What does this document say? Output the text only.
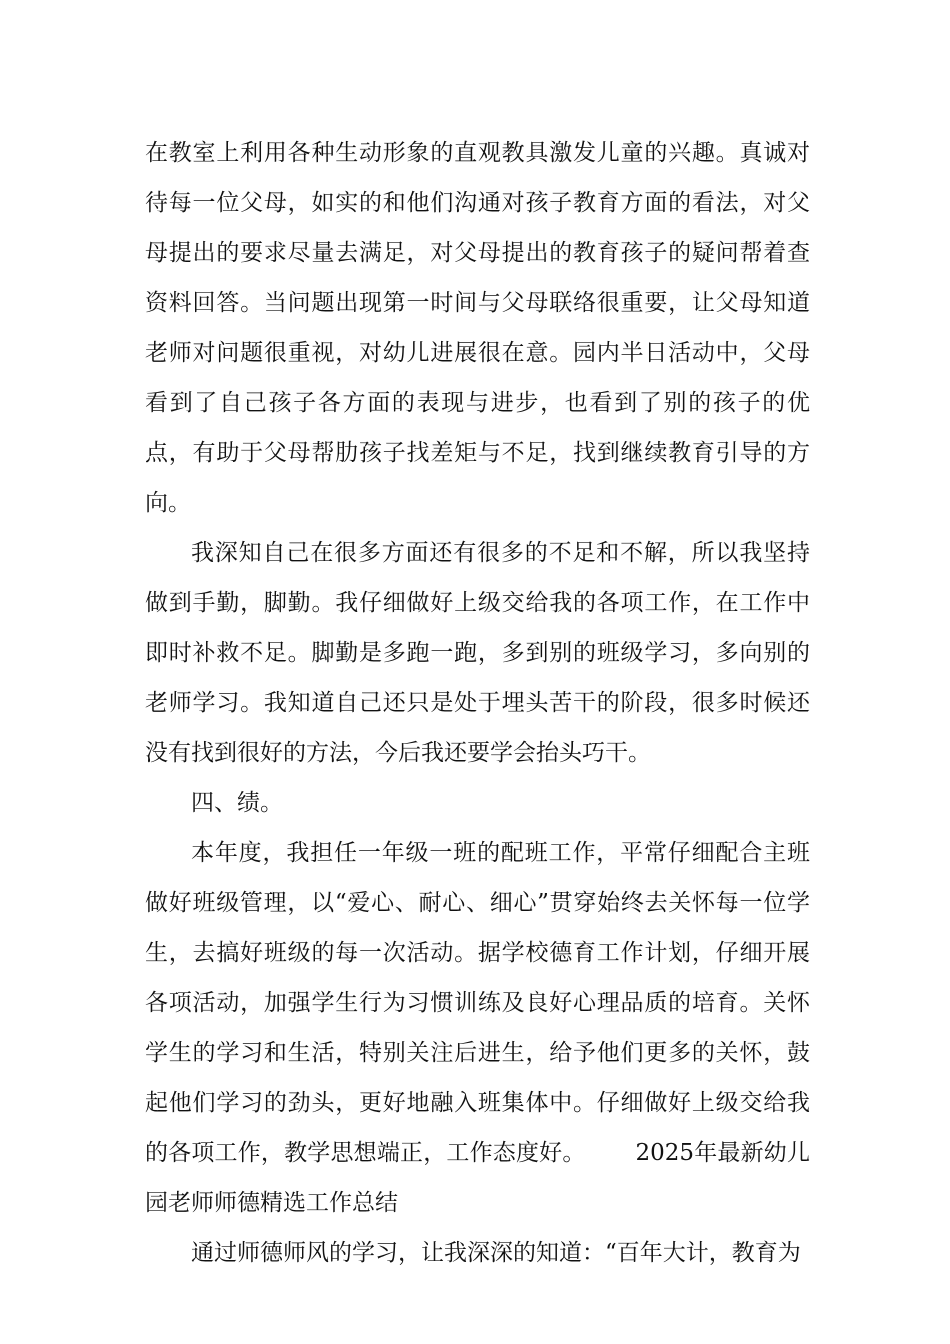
在教室上利用各种生动形象的直观教具激发儿童的兴趣。真诚对待每一位父母，如实的和他们沟通对孩子教育方面的看法，对父母提出的要求尽量去满足，对父母提出的教育孩子的疑问帮着查资料回答。当问题出现第一时间与父母联络很重要，让父母知道老师对问题很重视，对幼儿进展很在意。园内半日活动中，父母看到了自己孩子各方面的表现与进步，也看到了别的孩子的优点，有助于父母帮肋孩子找差矩与不足，找到继续教育引导的方向。

我深知自己在很多方面还有很多的不足和不解，所以我坚持做到手勤，脚勤。我仔细做好上级交给我的各项工作，在工作中即时补救不足。脚勤是多跑一跑，多到别的班级学习，多向别的老师学习。我知道自己还只是处于埋头苦干的阶段，很多时候还没有找到很好的方法，今后我还要学会抬头巧干。

四、绩。

本年度，我担任一年级一班的配班工作，平常仔细配合主班做好班级管理，以“爱心、耐心、细心”贯穿始终去关怀每一位学生，去搞好班级的每一次活动。据学校德育工作计划，仔细开展各项活动，加强学生行为习惯训练及良好心理品质的培育。关怀学生的学习和生活，特别关注后进生，给予他们更多的关怀，鼓起他们学习的劲头，更好地融入班集体中。仔细做好上级交给我的各项工作，教学思想端正，工作态度好。 2025年最新幼儿园老师师德精选工作总结

通过师德师风的学习，让我深深的知道：“百年大计，教育为
